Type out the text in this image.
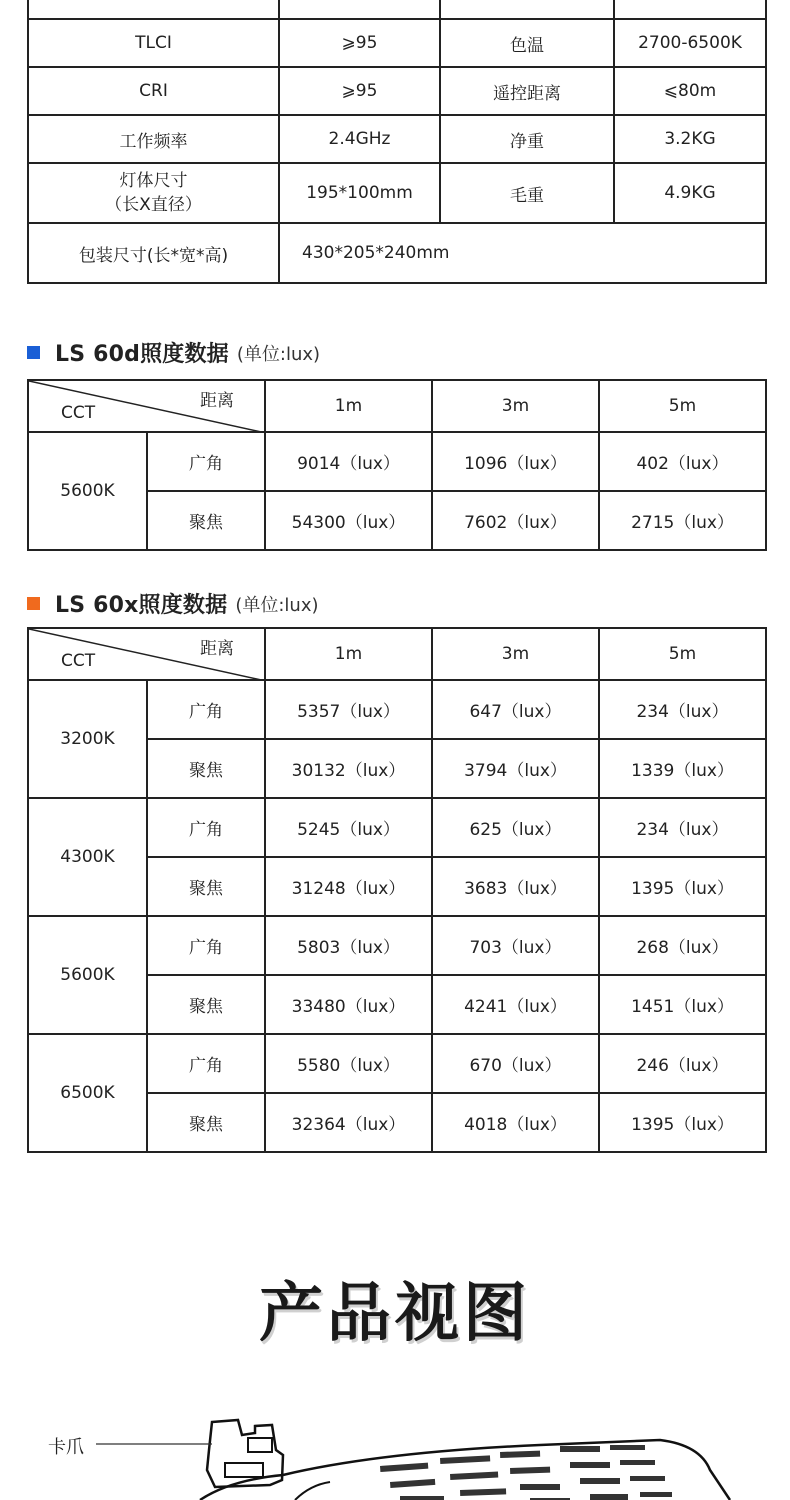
TLCI	⩾95	色温	2700-6500K
CRI	⩾95	遥控距离	⩽80m
工作频率	2.4GHz	净重	3.2KG

灯体尺寸
（长X直径）	195*100mm	毛重	4.9KG
包装尺寸(长*宽*高)	430*205*240mm		
LS 60d照度数据 (单位:lux)
距离
CCT		1m	3m	5m
5600K	广角	9014（lux）	1096（lux）	402（lux）
	聚焦	54300（lux）	7602（lux）	2715（lux）
LS 60x照度数据 (单位:lux)
距离
CCT		1m	3m	5m
3200K	广角	5357（lux）	647（lux）	234（lux）
	聚焦	30132（lux）	3794（lux）	1339（lux）
4300K	广角	5245（lux）	625（lux）	234（lux）
	聚焦	31248（lux）	3683（lux）	1395（lux）
5600K	广角	5803（lux）	703（lux）	268（lux）
	聚焦	33480（lux）	4241（lux）	1451（lux）
6500K	广角	5580（lux）	670（lux）	246（lux）
	聚焦	32364（lux）	4018（lux）	1395（lux）
产品视图
卡爪
